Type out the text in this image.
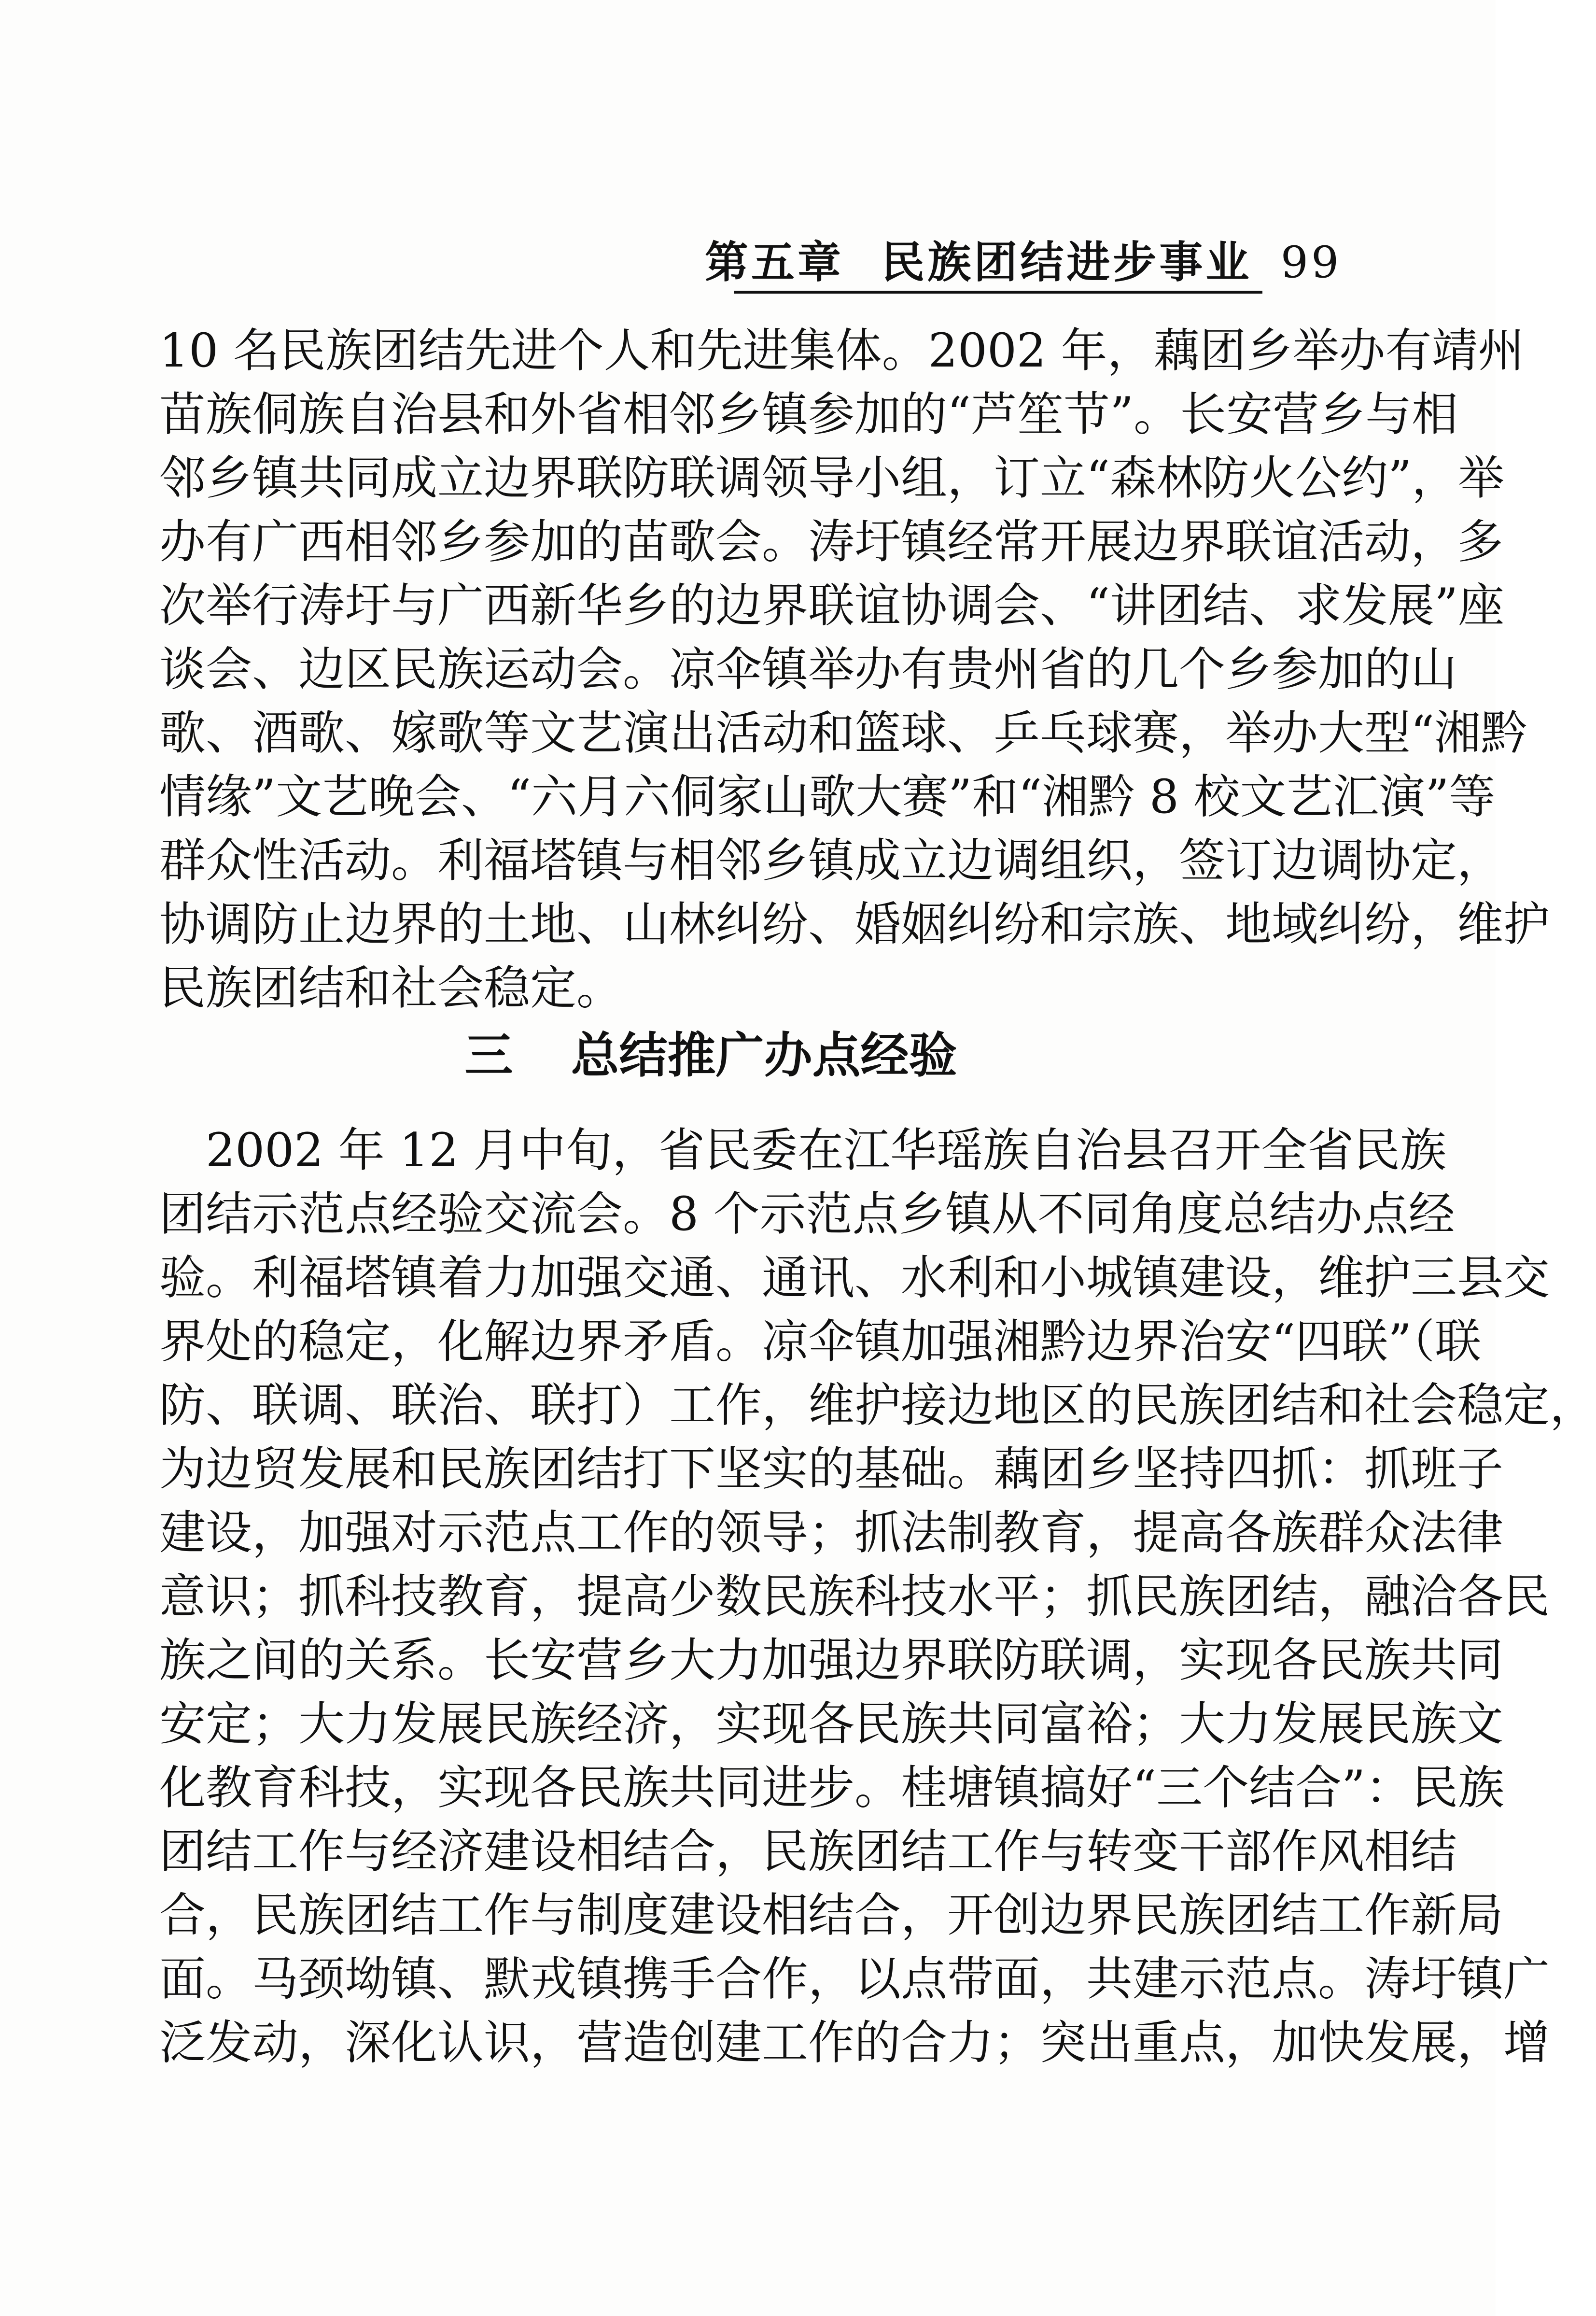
第五章 民族团结进步事业 99
10 名民族团结先进个人和先进集体。2002 年，藕团乡举办有靖州
苗族侗族自治县和外省相邻乡镇参加的“芦笙节”。长安营乡与相
邻乡镇共同成立边界联防联调领导小组，订立“森林防火公约”，举
办有广西相邻乡参加的苗歌会。涛圩镇经常开展边界联谊活动，多
次举行涛圩与广西新华乡的边界联谊协调会、“讲团结、求发展”座
谈会、边区民族运动会。凉伞镇举办有贵州省的几个乡参加的山
歌、酒歌、嫁歌等文艺演出活动和篮球、乒乓球赛，举办大型“湘黔
情缘”文艺晚会、“六月六侗家山歌大赛”和“湘黔 8 校文艺汇演”等
群众性活动。利福塔镇与相邻乡镇成立边调组织，签订边调协定，
协调防止边界的土地、山林纠纷、婚姻纠纷和宗族、地域纠纷，维护
民族团结和社会稳定。
三 总结推广办点经验
2002 年 12 月中旬，省民委在江华瑶族自治县召开全省民族
团结示范点经验交流会。8 个示范点乡镇从不同角度总结办点经
验。利福塔镇着力加强交通、通讯、水利和小城镇建设，维护三县交
界处的稳定，化解边界矛盾。凉伞镇加强湘黔边界治安“四联”（联
防、联调、联治、联打）工作，维护接边地区的民族团结和社会稳定，
为边贸发展和民族团结打下坚实的基础。藕团乡坚持四抓：抓班子
建设，加强对示范点工作的领导；抓法制教育，提高各族群众法律
意识；抓科技教育，提高少数民族科技水平；抓民族团结，融洽各民
族之间的关系。长安营乡大力加强边界联防联调，实现各民族共同
安定；大力发展民族经济，实现各民族共同富裕；大力发展民族文
化教育科技，实现各民族共同进步。桂塘镇搞好“三个结合”：民族
团结工作与经济建设相结合，民族团结工作与转变干部作风相结
合，民族团结工作与制度建设相结合，开创边界民族团结工作新局
面。马颈坳镇、默戎镇携手合作，以点带面，共建示范点。涛圩镇广
泛发动，深化认识，营造创建工作的合力；突出重点，加快发展，增
